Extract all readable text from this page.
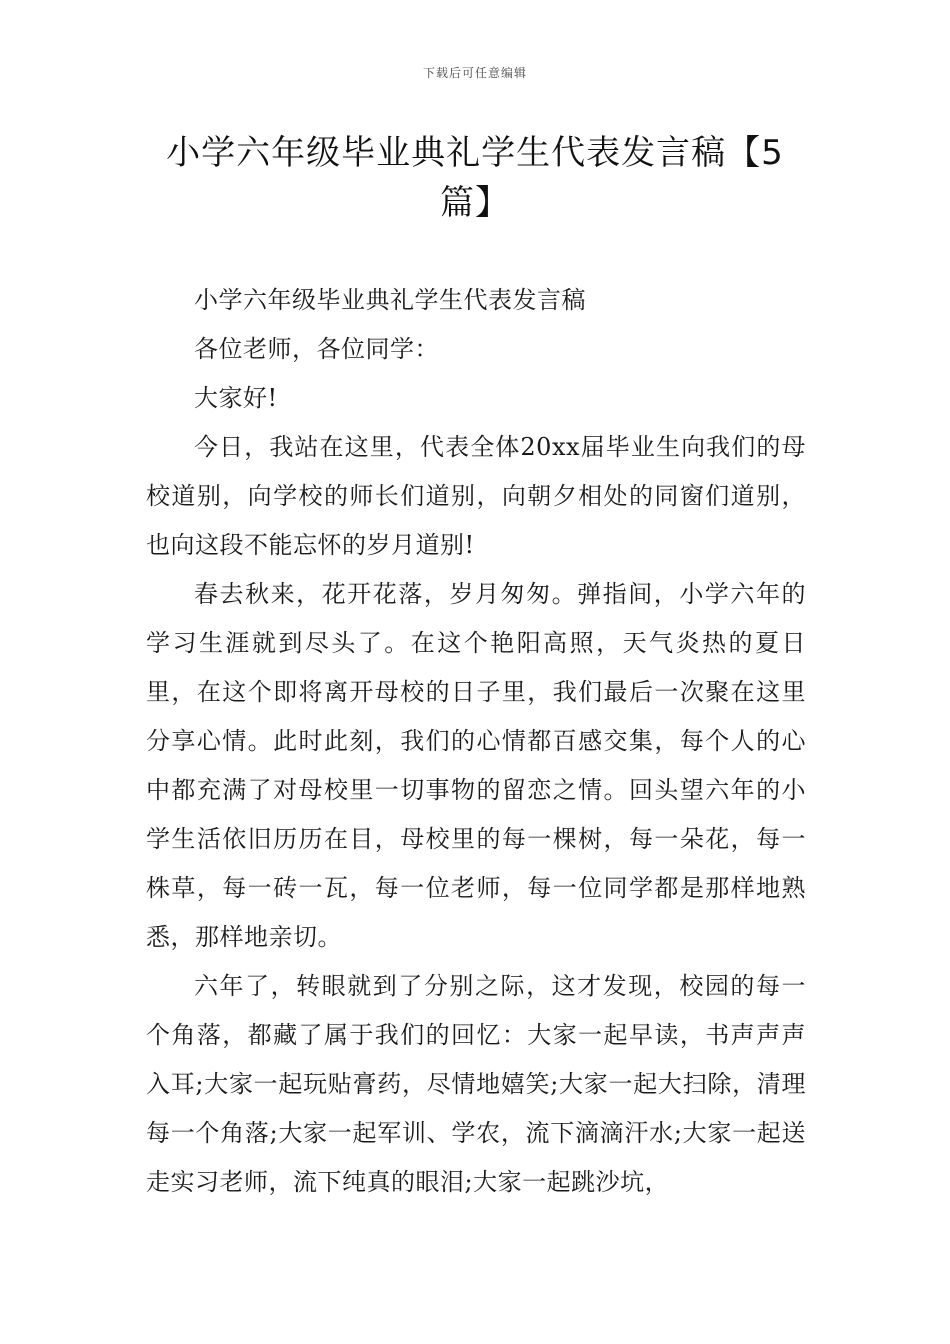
下载后可任意编辑
小学六年级毕业典礼学生代表发言稿【5篇】

小学六年级毕业典礼学生代表发言稿

各位老师，各位同学：

大家好!

今日，我站在这里，代表全体20xx届毕业生向我们的母校道别，向学校的师长们道别，向朝夕相处的同窗们道别，也向这段不能忘怀的岁月道别!

春去秋来，花开花落，岁月匆匆。弹指间，小学六年的学习生涯就到尽头了。在这个艳阳高照，天气炎热的夏日里，在这个即将离开母校的日子里，我们最后一次聚在这里分享心情。此时此刻，我们的心情都百感交集，每个人的心中都充满了对母校里一切事物的留恋之情。回头望六年的小学生活依旧历历在目，母校里的每一棵树，每一朵花，每一株草，每一砖一瓦，每一位老师，每一位同学都是那样地熟悉，那样地亲切。

六年了，转眼就到了分别之际，这才发现，校园的每一个角落，都藏了属于我们的回忆：大家一起早读，书声声声入耳;大家一起玩贴膏药，尽情地嬉笑;大家一起大扫除，清理每一个角落;大家一起军训、学农，流下滴滴汗水;大家一起送走实习老师，流下纯真的眼泪;大家一起跳沙坑，
